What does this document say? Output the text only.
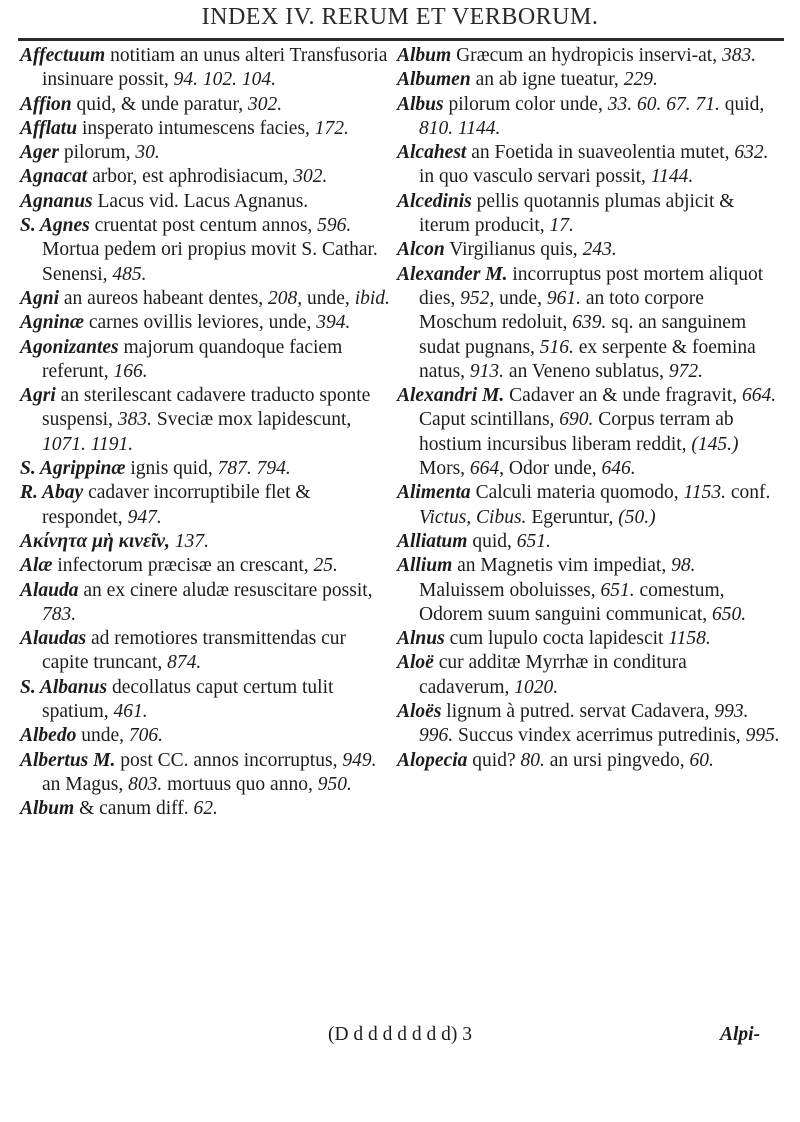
INDEX IV. RERUM ET VERBORUM.

Affectuum notitiam an unus alteri Transfusoria insinuare possit, 94. 102. 104.

Affion quid, & unde paratur, 302.

Afflatu insperato intumescens facies, 172.

Ager pilorum, 30.

Agnacat arbor, est aphrodisiacum, 302.

Agnanus Lacus vid. Lacus Agnanus.

S. Agnes cruentat post centum annos, 596. Mortua pedem ori propius movit S. Cathar. Senensi, 485.

Agni an aureos habeant dentes, 208, unde, ibid.

Agninæ carnes ovillis leviores, unde, 394.

Agonizantes majorum quandoque faciem referunt, 166.

Agri an sterilescant cadavere traducto sponte suspensi, 383. Sveciæ mox lapidescunt, 1071. 1191.

S. Agrippinæ ignis quid, 787. 794.

R. Abay cadaver incorruptibile flet & respondet, 947.

Ακίνητα μὴ κινεῖν, 137.

Alæ infectorum præcisæ an crescant, 25.

Alauda an ex cinere aludæ resuscitare possit, 783.

Alaudas ad remotiores transmittendas cur capite truncant, 874.

S. Albanus decollatus caput certum tulit spatium, 461.

Albedo unde, 706.

Albertus M. post CC. annos incorruptus, 949. an Magus, 803. mortuus quo anno, 950.

Album & canum diff. 62.

Album Græcum an hydropicis inservi-at, 383.

Albumen an ab igne tueatur, 229.

Albus pilorum color unde, 33. 60. 67. 71. quid, 810. 1144.

Alcahest an Foetida in suaveolentia mutet, 632. in quo vasculo servari possit, 1144.

Alcedinis pellis quotannis plumas abjicit & iterum producit, 17.

Alcon Virgilianus quis, 243.

Alexander M. incorruptus post mortem aliquot dies, 952, unde, 961. an toto corpore Moschum redoluit, 639. sq. an sanguinem sudat pugnans, 516. ex serpente & foemina natus, 913. an Veneno sublatus, 972.

Alexandri M. Cadaver an & unde fragravit, 664. Caput scintillans, 690. Corpus terram ab hostium incursibus liberam reddit, (145.) Mors, 664, Odor unde, 646.

Alimenta Calculi materia quomodo, 1153. conf. Victus, Cibus. Egeruntur, (50.)

Alliatum quid, 651.

Allium an Magnetis vim impediat, 98. Maluissem oboluisses, 651. comestum, Odorem suum sanguini communicat, 650.

Alnus cum lupulo cocta lapidescit 1158.

Aloë cur additæ Myrrhæ in conditura cadaverum, 1020.

Aloës lignum à putred. servat Cadavera, 993. 996. Succus vindex acerrimus putredinis, 995.

Alopecia quid? 80. an ursi pingvedo, 60.

(D d d d d d d d) 3	Alpi-
